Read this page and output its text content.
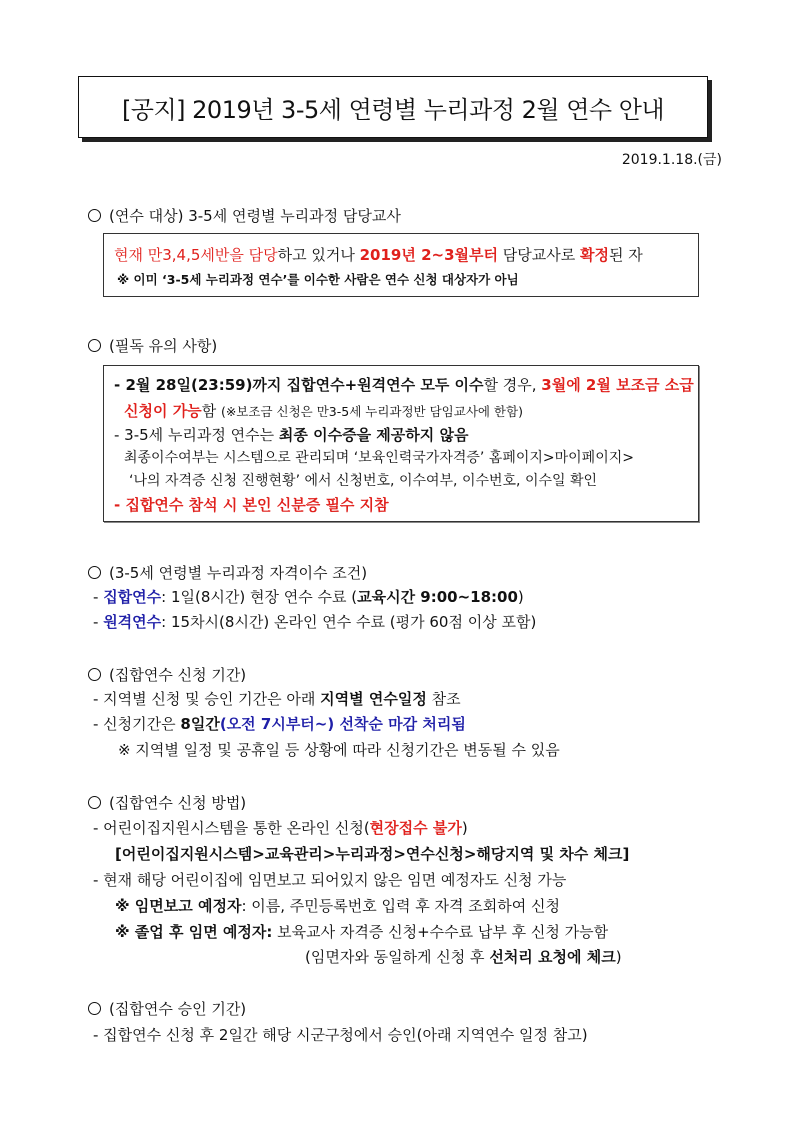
[공지] 2019년 3-5세 연령별 누리과정 2월 연수 안내
2019.1.18.(금)
(연수 대상) 3-5세 연령별 누리과정 담당교사
현재 만3,4,5세반을 담당하고 있거나 2019년 2~3월부터 담당교사로 확정된 자
※ 이미 ‘3-5세 누리과정 연수’를 이수한 사람은 연수 신청 대상자가 아님
(필독 유의 사항)
- 2월 28일(23:59)까지 집합연수+원격연수 모두 이수할 경우, 3월에 2월 보조금 소급
신청이 가능함 (※보조금 신청은 만3-5세 누리과정반 담임교사에 한함)
- 3-5세 누리과정 연수는 최종 이수증을 제공하지 않음
최종이수여부는 시스템으로 관리되며 ‘보육인력국가자격증’ 홈페이지>마이페이지>
‘나의 자격증 신청 진행현황’ 에서 신청번호, 이수여부, 이수번호, 이수일 확인
- 집합연수 참석 시 본인 신분증 필수 지참
(3-5세 연령별 누리과정 자격이수 조건)
- 집합연수: 1일(8시간) 현장 연수 수료 (교육시간 9:00~18:00)
- 원격연수: 15차시(8시간) 온라인 연수 수료 (평가 60점 이상 포함)
(집합연수 신청 기간)
- 지역별 신청 및 승인 기간은 아래 지역별 연수일정 참조
- 신청기간은 8일간(오전 7시부터~) 선착순 마감 처리됨
※ 지역별 일정 및 공휴일 등 상황에 따라 신청기간은 변동될 수 있음
(집합연수 신청 방법)
- 어린이집지원시스템을 통한 온라인 신청(현장접수 불가)
[어린이집지원시스템>교육관리>누리과정>연수신청>해당지역 및 차수 체크]
- 현재 해당 어린이집에 임면보고 되어있지 않은 임면 예정자도 신청 가능
※ 임면보고 예정자: 이름, 주민등록번호 입력 후 자격 조회하여 신청
※ 졸업 후 임면 예정자: 보육교사 자격증 신청+수수료 납부 후 신청 가능함
(임면자와 동일하게 신청 후 선처리 요청에 체크)
(집합연수 승인 기간)
- 집합연수 신청 후 2일간 해당 시군구청에서 승인(아래 지역연수 일정 참고)
